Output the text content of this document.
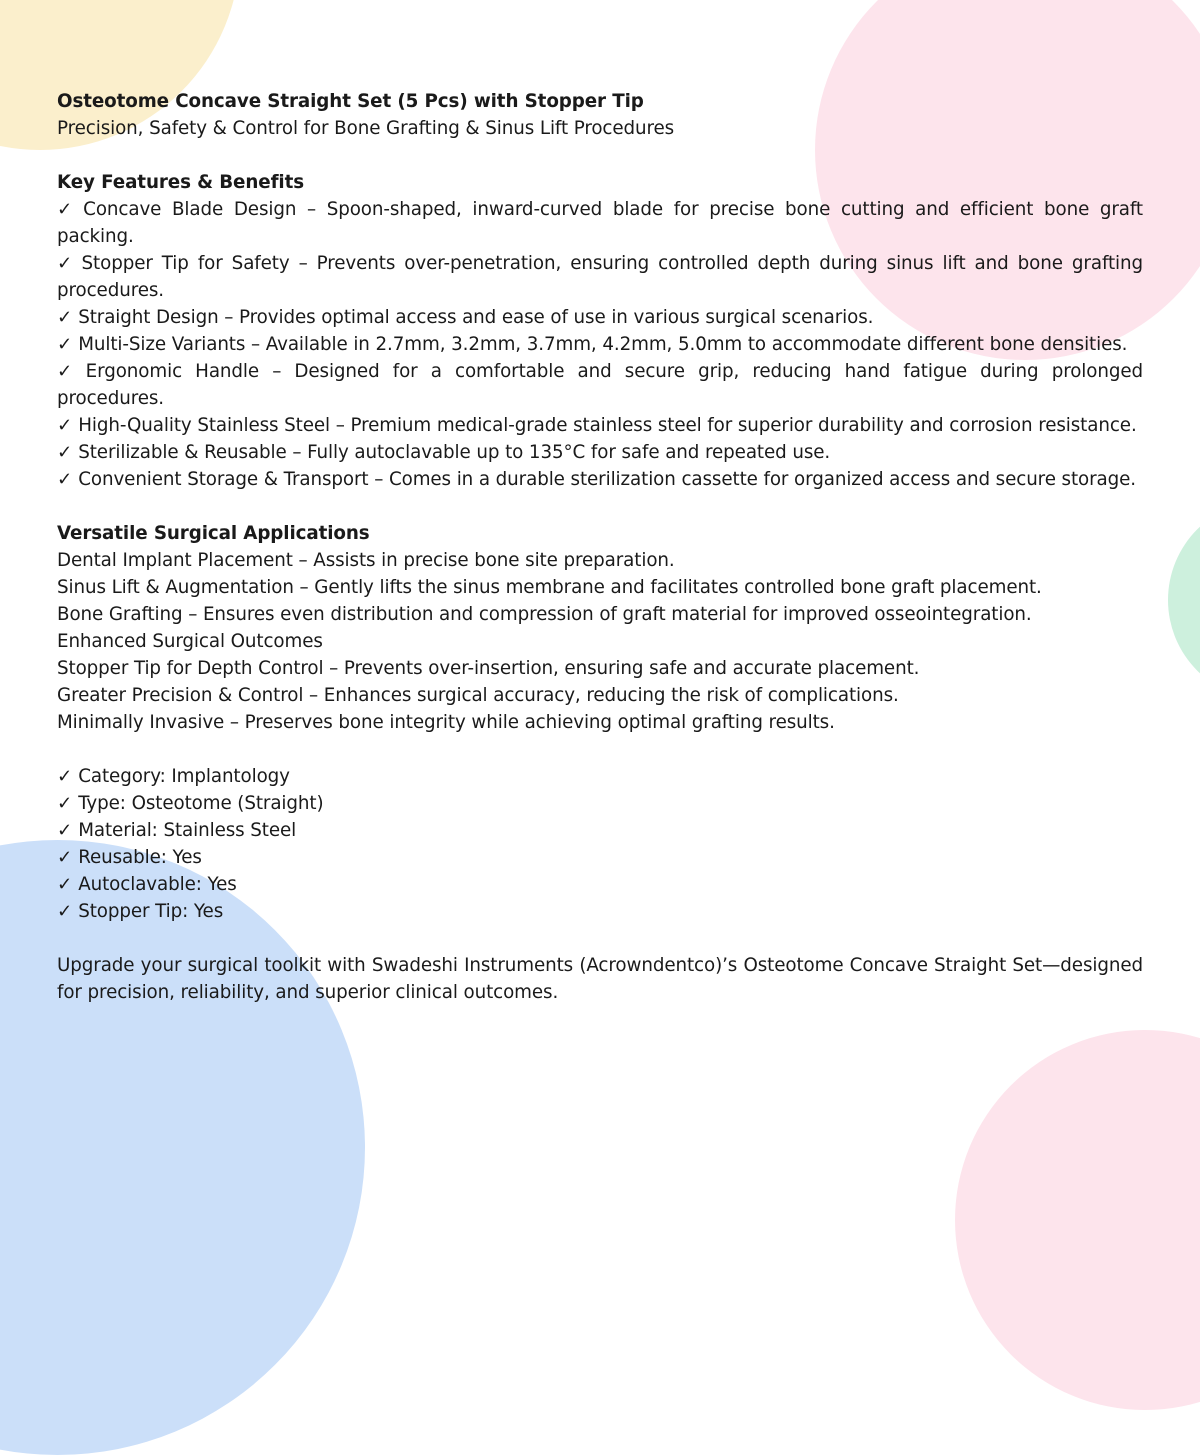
Osteotome Concave Straight Set (5 Pcs) with Stopper Tip

Precision, Safety & Control for Bone Grafting & Sinus Lift Procedures

Key Features & Benefits

✓ Concave Blade Design – Spoon-shaped, inward-curved blade for precise bone cutting and efficient bone graft packing.

✓ Stopper Tip for Safety – Prevents over-penetration, ensuring controlled depth during sinus lift and bone grafting procedures.

✓ Straight Design – Provides optimal access and ease of use in various surgical scenarios.

✓ Multi-Size Variants – Available in 2.7mm, 3.2mm, 3.7mm, 4.2mm, 5.0mm to accommodate different bone densities.

✓ Ergonomic Handle – Designed for a comfortable and secure grip, reducing hand fatigue during prolonged procedures.

✓ High-Quality Stainless Steel – Premium medical-grade stainless steel for superior durability and corrosion resistance.

✓ Sterilizable & Reusable – Fully autoclavable up to 135°C for safe and repeated use.

✓ Convenient Storage & Transport – Comes in a durable sterilization cassette for organized access and secure storage.

Versatile Surgical Applications

Dental Implant Placement – Assists in precise bone site preparation.

Sinus Lift & Augmentation – Gently lifts the sinus membrane and facilitates controlled bone graft placement.

Bone Grafting – Ensures even distribution and compression of graft material for improved osseointegration.

Enhanced Surgical Outcomes

Stopper Tip for Depth Control – Prevents over-insertion, ensuring safe and accurate placement.

Greater Precision & Control – Enhances surgical accuracy, reducing the risk of complications.

Minimally Invasive – Preserves bone integrity while achieving optimal grafting results.

✓ Category: Implantology

✓ Type: Osteotome (Straight)

✓ Material: Stainless Steel

✓ Reusable: Yes

✓ Autoclavable: Yes

✓ Stopper Tip: Yes

Upgrade your surgical toolkit with Swadeshi Instruments (Acrowndentco)’s Osteotome Concave Straight Set—designed for precision, reliability, and superior clinical outcomes.
